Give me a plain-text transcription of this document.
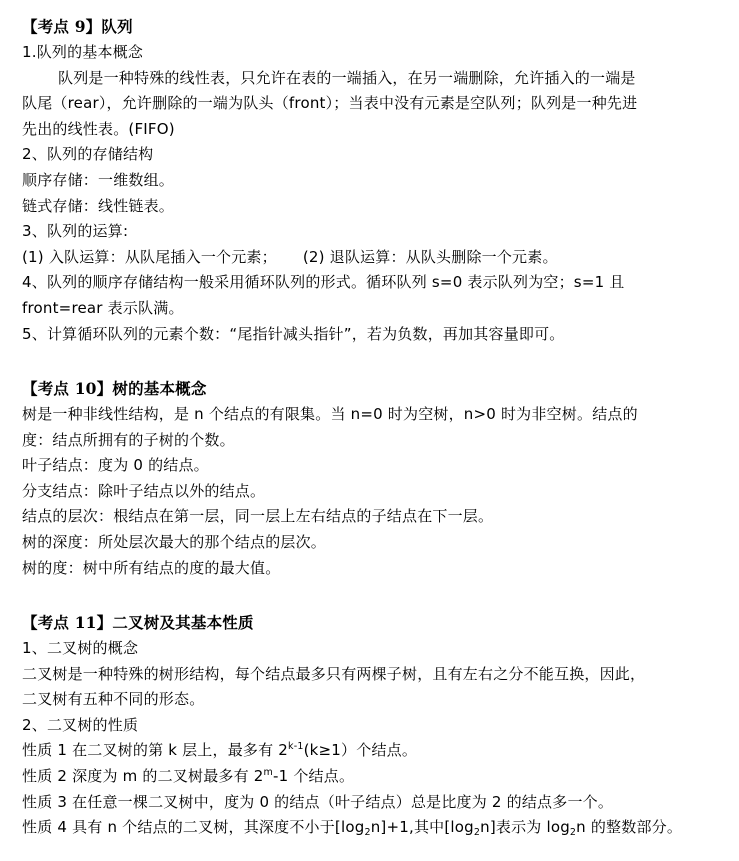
【考点 9】队列
1.队列的基本概念
队列是一种特殊的线性表，只允许在表的一端插入，在另一端删除，允许插入的一端是
队尾（rear），允许删除的一端为队头（front）；当表中没有元素是空队列；队列是一种先进
先出的线性表。(FIFO)
2、队列的存储结构
顺序存储：一维数组。
链式存储：线性链表。
3、队列的运算:
(1) 入队运算：从队尾插入一个元素； (2) 退队运算：从队头删除一个元素。
4、队列的顺序存储结构一般采用循环队列的形式。循环队列 s=0 表示队列为空；s=1 且
front=rear 表示队满。
5、计算循环队列的元素个数：“尾指针减头指针”，若为负数，再加其容量即可。
【考点 10】树的基本概念
树是一种非线性结构，是 n 个结点的有限集。当 n=0 时为空树，n>0 时为非空树。结点的
度：结点所拥有的子树的个数。
叶子结点：度为 0 的结点。
分支结点：除叶子结点以外的结点。
结点的层次：根结点在第一层，同一层上左右结点的子结点在下一层。
树的深度：所处层次最大的那个结点的层次。
树的度：树中所有结点的度的最大值。
【考点 11】二叉树及其基本性质
1、二叉树的概念
二叉树是一种特殊的树形结构，每个结点最多只有两棵子树，且有左右之分不能互换，因此，
二叉树有五种不同的形态。
2、二叉树的性质
性质 1 在二叉树的第 k 层上，最多有 $2^{k-1}(k\ge 1)$个结点。
性质 2 深度为 m 的二叉树最多有 2$^m$-1 个结点。
性质 3 在任意一棵二叉树中，度为 0 的结点（叶子结点）总是比度为 2 的结点多一个。
性质 4 具有 n 个结点的二叉树，其深度不小于$[\log_2n]+1$,其中$[\log_2n]$表示为 $\log_2n$ 的整数部分。
